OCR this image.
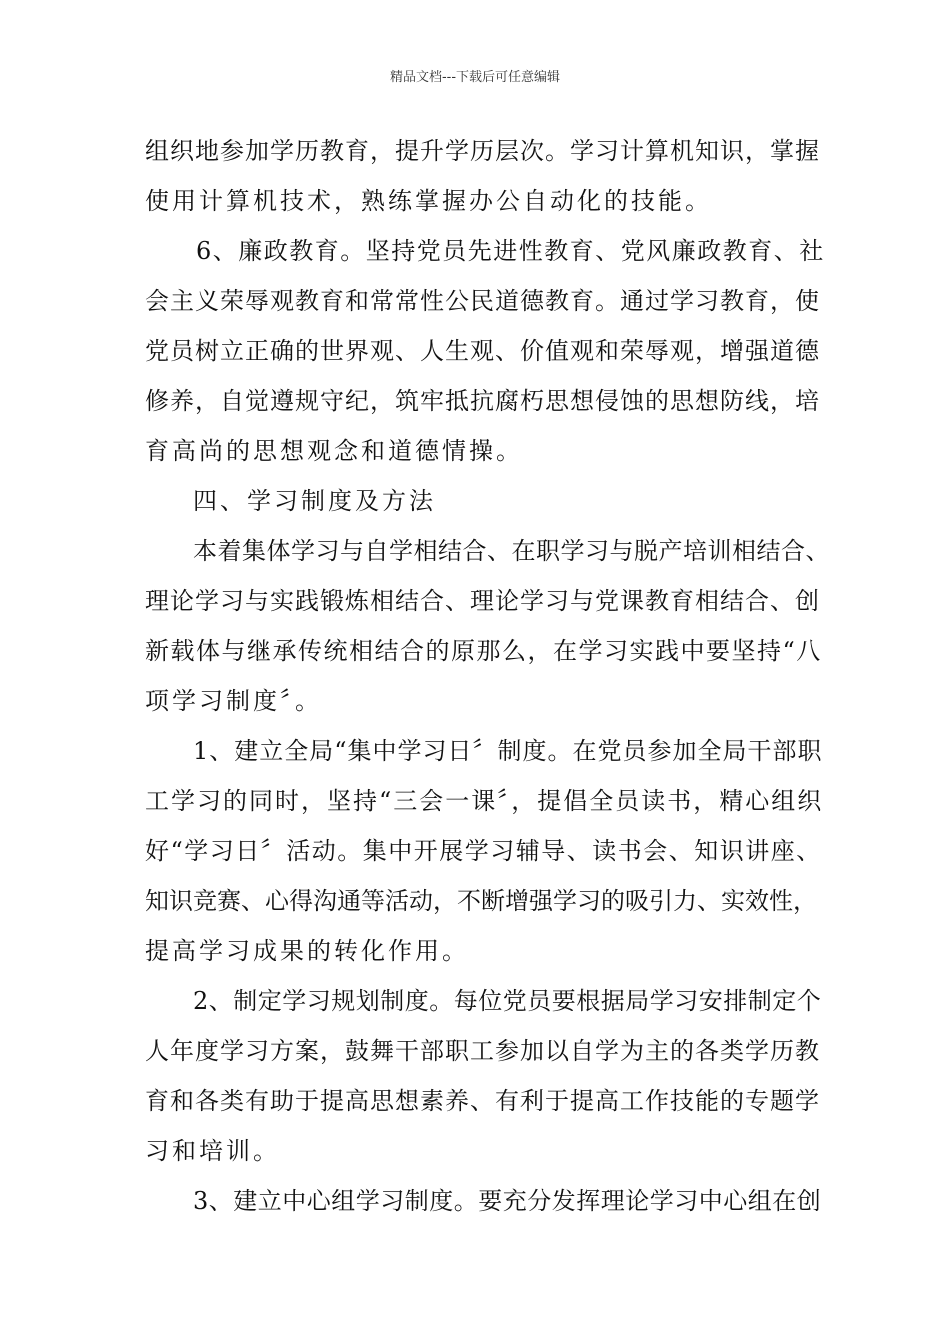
精品文档---下载后可任意编辑
组织地参加学历教育，提升学历层次。学习计算机知识，掌握
使用计算机技术，熟练掌握办公自动化的技能。
6、廉政教育。坚持党员先进性教育、党风廉政教育、社
会主义荣辱观教育和常常性公民道德教育。通过学习教育，使
党员树立正确的世界观、人生观、价值观和荣辱观，增强道德
修养，自觉遵规守纪，筑牢抵抗腐朽思想侵蚀的思想防线，培
育高尚的思想观念和道德情操。
四、学习制度及方法
本着集体学习与自学相结合、在职学习与脱产培训相结合、
理论学习与实践锻炼相结合、理论学习与党课教育相结合、创
新载体与继承传统相结合的原那么，在学习实践中要坚持“八
项学习制度〞。
1、建立全局“集中学习日〞制度。在党员参加全局干部职
工学习的同时，坚持“三会一课〞，提倡全员读书，精心组织
好“学习日〞活动。集中开展学习辅导、读书会、知识讲座、
知识竞赛、心得沟通等活动，不断增强学习的吸引力、实效性，
提高学习成果的转化作用。
2、制定学习规划制度。每位党员要根据局学习安排制定个
人年度学习方案，鼓舞干部职工参加以自学为主的各类学历教
育和各类有助于提高思想素养、有利于提高工作技能的专题学
习和培训。
3、建立中心组学习制度。要充分发挥理论学习中心组在创
